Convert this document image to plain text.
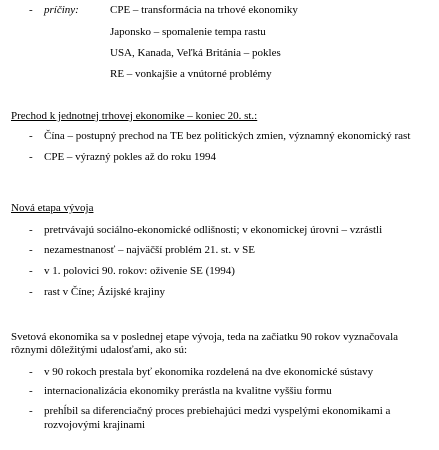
- príčiny:	CPE – transformácia na trhové ekonomiky
Japonsko – spomalenie tempa rastu
USA, Kanada, Veľká Británia – pokles
RE – vonkajšie a vnútorné problémy
Prechod k jednotnej trhovej ekonomike – koniec 20. st.:
- Čína – postupný prechod na TE bez politických zmien, významný ekonomický rast
- CPE – výrazný pokles až do roku 1994
Nová etapa vývoja
- pretrvávajú sociálno-ekonomické odlišnosti; v ekonomickej úrovni – vzrástli
- nezamestnanosť – najväčší problém 21. st. v SE
- v 1. polovici 90. rokov: oživenie SE (1994)
- rast v Číne; Ázijské krajiny
Svetová ekonomika sa v poslednej etape vývoja, teda na začiatku 90 rokov vyznačovala
rôznymi dôležitými udalosťami, ako sú:
- v 90 rokoch prestala byť ekonomika rozdelená na dve ekonomické sústavy
- internacionalizácia ekonomiky prerástla na kvalitne vyššiu formu
- prehĺbil sa diferenciačný proces prebiehajúci medzi vyspelými ekonomikami a
rozvojovými krajinami
